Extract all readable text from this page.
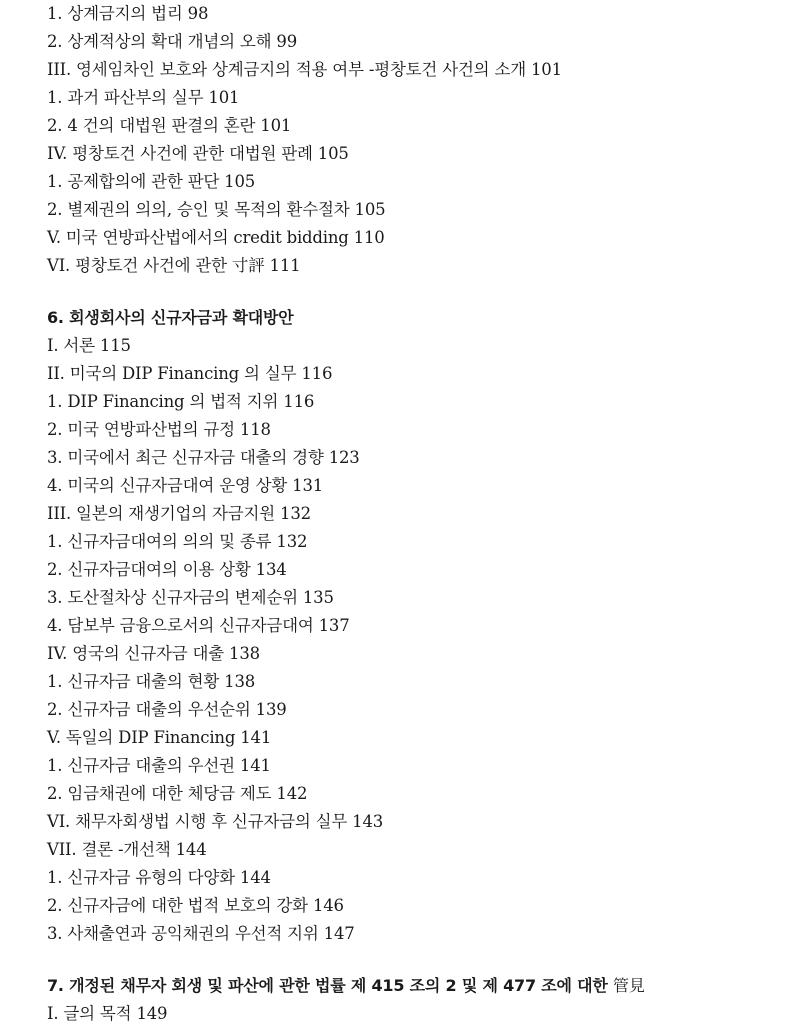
1. 상계금지의 법리 98
2. 상계적상의 확대 개념의 오해 99
III. 영세임차인 보호와 상계금지의 적용 여부 -평창토건 사건의 소개 101
1. 과거 파산부의 실무 101
2. 4 건의 대법원 판결의 혼란 101
IV. 평창토건 사건에 관한 대법원 판례 105
1. 공제합의에 관한 판단 105
2. 별제권의 의의, 승인 및 목적의 환수절차 105
V. 미국 연방파산법에서의 credit bidding 110
VI. 평창토건 사건에 관한 寸評 111
6. 회생회사의 신규자금과 확대방안
I. 서론 115
II. 미국의 DIP Financing 의 실무 116
1. DIP Financing 의 법적 지위 116
2. 미국 연방파산법의 규정 118
3. 미국에서 최근 신규자금 대출의 경향 123
4. 미국의 신규자금대여 운영 상황 131
III. 일본의 재생기업의 자금지원 132
1. 신규자금대여의 의의 및 종류 132
2. 신규자금대여의 이용 상황 134
3. 도산절차상 신규자금의 변제순위 135
4. 담보부 금융으로서의 신규자금대여 137
IV. 영국의 신규자금 대출 138
1. 신규자금 대출의 현황 138
2. 신규자금 대출의 우선순위 139
V. 독일의 DIP Financing 141
1. 신규자금 대출의 우선권 141
2. 임금채권에 대한 체당금 제도 142
VI. 채무자회생법 시행 후 신규자금의 실무 143
VII. 결론 -개선책 144
1. 신규자금 유형의 다양화 144
2. 신규자금에 대한 법적 보호의 강화 146
3. 사채출연과 공익채권의 우선적 지위 147
7. 개정된 채무자 회생 및 파산에 관한 법률 제 415 조의 2 및 제 477 조에 대한 管見
I. 글의 목적 149
